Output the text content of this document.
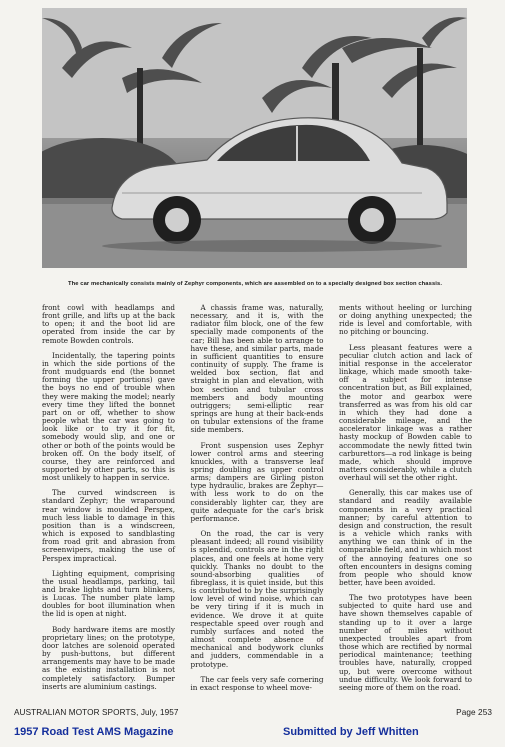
The car mechanically consists mainly of Zephyr components, which are assembled on to a specially designed box section chassis.

front cowl with headlamps and front grille, and lifts up at the back to open; it and the boot lid are operated from inside the car by remote Bowden controls.

Incidentally, the tapering points in which the side portions of the front mudguards end (the bonnet forming the upper portions) gave the boys no end of trouble when they were making the model; nearly every time they lifted the bonnet part on or off, whether to show people what the car was going to look like or to try it for fit, somebody would slip, and one or other or both of the points would be broken off. On the body itself, of course, they are reinforced and supported by other parts, so this is most unlikely to happen in service.

The curved windscreen is standard Zephyr; the wraparound rear window is moulded Perspex, much less liable to damage in this position than is a windscreen, which is exposed to sandblasting from road grit and abrasion from screenwipers, making the use of Perspex impractical.

Lighting equipment, comprising the usual headlamps, parking, tail and brake lights and turn blinkers, is Lucas. The number plate lamp doubles for boot illumination when the lid is open at night.

Body hardware items are mostly proprietary lines; on the prototype, door latches are solenoid operated by push-buttons, but different arrangements may have to be made as the existing installation is not completely satisfactory. Bumper inserts are aluminium castings.

A chassis frame was, naturally, necessary, and it is, with the radiator film block, one of the few specially made components of the car; Bill has been able to arrange to have these, and similar parts, made in sufficient quantities to ensure continuity of supply. The frame is welded box section, flat and straight in plan and elevation, with box section and tubular cross members and body mounting outriggers; semi-elliptic rear springs are hung at their back-ends on tubular extensions of the frame side members.

Front suspension uses Zephyr lower control arms and steering knuckles, with a transverse leaf spring doubling as upper control arms; dampers are Girling piston type hydraulic, brakes are Zephyr—with less work to do on the considerably lighter car, they are quite adequate for the car's brisk performance.

On the road, the car is very pleasant indeed; all round visibility is splendid, controls are in the right places, and one feels at home very quickly. Thanks no doubt to the sound-absorbing qualities of fibreglass, it is quiet inside, but this is contributed to by the surprisingly low level of wind noise, which can be very tiring if it is much in evidence. We drove it at quite respectable speed over rough and rumbly surfaces and noted the almost complete absence of mechanical and bodywork clunks and judders, commendable in a prototype.

The car feels very safe cornering in exact response to wheel move-

ments without heeling or lurching or doing anything unexpected; the ride is level and comfortable, with no pitching or bouncing.

Less pleasant features were a peculiar clutch action and lack of initial response in the accelerator linkage, which made smooth take-off a subject for intense concentration but, as Bill explained, the motor and gearbox were transferred as was from his old car in which they had done a considerable mileage, and the accelerator linkage was a rather hasty mockup of Bowden cable to accommodate the newly fitted twin carburettors—a rod linkage is being made, which should improve matters considerably, while a clutch overhaul will set the other right.

Generally, this car makes use of standard and readily available components in a very practical manner; by careful attention to design and construction, the result is a vehicle which ranks with anything we can think of in the comparable field, and in which most of the annoying features one so often encounters in designs coming from people who should know better, have been avoided.

The two prototypes have been subjected to quite hard use and have shown themselves capable of standing up to it over a large number of miles without unexpected troubles apart from those which are rectified by normal periodical maintenance; teething troubles have, naturally, cropped up, but were overcome without undue difficulty. We look forward to seeing more of them on the road.

AUSTRALIAN MOTOR SPORTS, July, 1957	Page 253
1957 Road Test AMS Magazine	Submitted by Jeff Whitten
